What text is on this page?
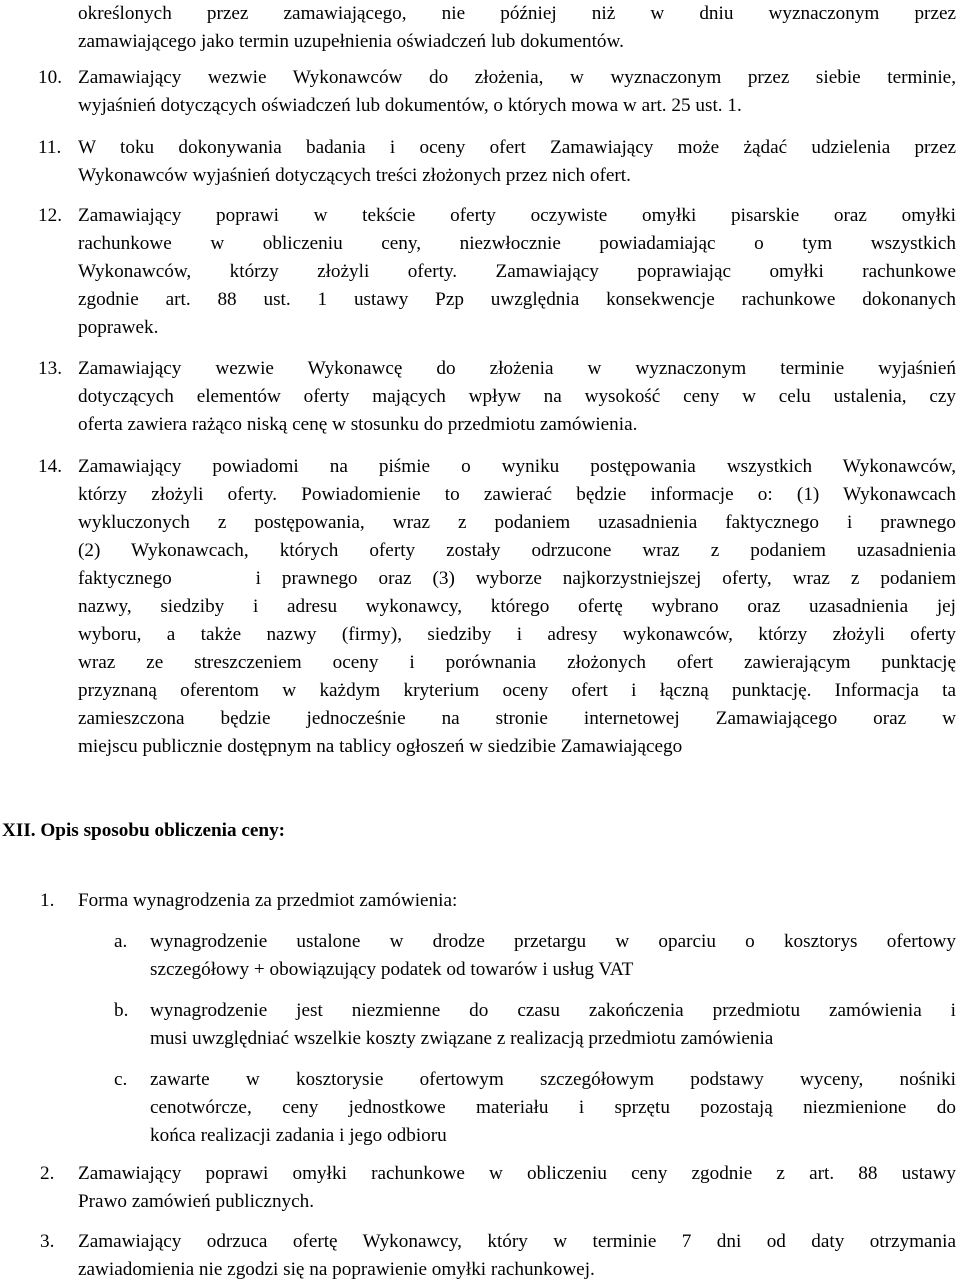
określonych przez zamawiającego, nie później niż w dniu wyznaczonym przez
zamawiającego jako termin uzupełnienia oświadczeń lub dokumentów.
10. Zamawiający wezwie Wykonawców do złożenia, w wyznaczonym przez siebie terminie,
wyjaśnień dotyczących oświadczeń lub dokumentów, o których mowa w art. 25 ust. 1.
11. W toku dokonywania badania i oceny ofert Zamawiający może żądać udzielenia przez
Wykonawców wyjaśnień dotyczących treści złożonych przez nich ofert.
12. Zamawiający poprawi w tekście oferty oczywiste omyłki pisarskie oraz omyłki
rachunkowe w obliczeniu ceny, niezwłocznie powiadamiając o tym wszystkich
Wykonawców, którzy złożyli oferty. Zamawiający poprawiając omyłki rachunkowe
zgodnie art. 88 ust. 1 ustawy Pzp uwzględnia konsekwencje rachunkowe dokonanych
poprawek.
13. Zamawiający wezwie Wykonawcę do złożenia w wyznaczonym terminie wyjaśnień
dotyczących elementów oferty mających wpływ na wysokość ceny w celu ustalenia, czy
oferta zawiera rażąco niską cenę w stosunku do przedmiotu zamówienia.
14. Zamawiający powiadomi na piśmie o wyniku postępowania wszystkich Wykonawców,
którzy złożyli oferty. Powiadomienie to zawierać będzie informacje o: (1) Wykonawcach
wykluczonych z postępowania, wraz z podaniem uzasadnienia faktycznego i prawnego
(2) Wykonawcach, których oferty zostały odrzucone wraz z podaniem uzasadnienia
faktycznego    i prawnego oraz (3) wyborze najkorzystniejszej oferty, wraz z podaniem
nazwy, siedziby i adresu wykonawcy, którego ofertę wybrano oraz uzasadnienia jej
wyboru, a także nazwy (firmy), siedziby i adresy wykonawców, którzy złożyli oferty
wraz ze streszczeniem oceny i porównania złożonych ofert zawierającym punktację
przyznaną oferentom w każdym kryterium oceny ofert i łączną punktację. Informacja ta
zamieszczona będzie jednocześnie na stronie internetowej Zamawiającego oraz w
miejscu publicznie dostępnym na tablicy ogłoszeń w siedzibie Zamawiającego
XII. Opis sposobu obliczenia ceny:
1. Forma wynagrodzenia za przedmiot zamówienia:
a. wynagrodzenie ustalone w drodze przetargu w oparciu o kosztorys ofertowy
szczegółowy + obowiązujący podatek od towarów i usług VAT
b. wynagrodzenie jest niezmienne do czasu zakończenia przedmiotu zamówienia i
musi uwzględniać wszelkie koszty związane z realizacją przedmiotu zamówienia
c. zawarte w kosztorysie ofertowym szczegółowym podstawy wyceny, nośniki
cenotwórcze, ceny jednostkowe materiału i sprzętu pozostają niezmienione do
końca realizacji zadania i jego odbioru
2. Zamawiający poprawi omyłki rachunkowe w obliczeniu ceny zgodnie z art. 88 ustawy
Prawo zamówień publicznych.
3. Zamawiający odrzuca ofertę Wykonawcy, który w terminie 7 dni od daty otrzymania
zawiadomienia nie zgodzi się na poprawienie omyłki rachunkowej.
